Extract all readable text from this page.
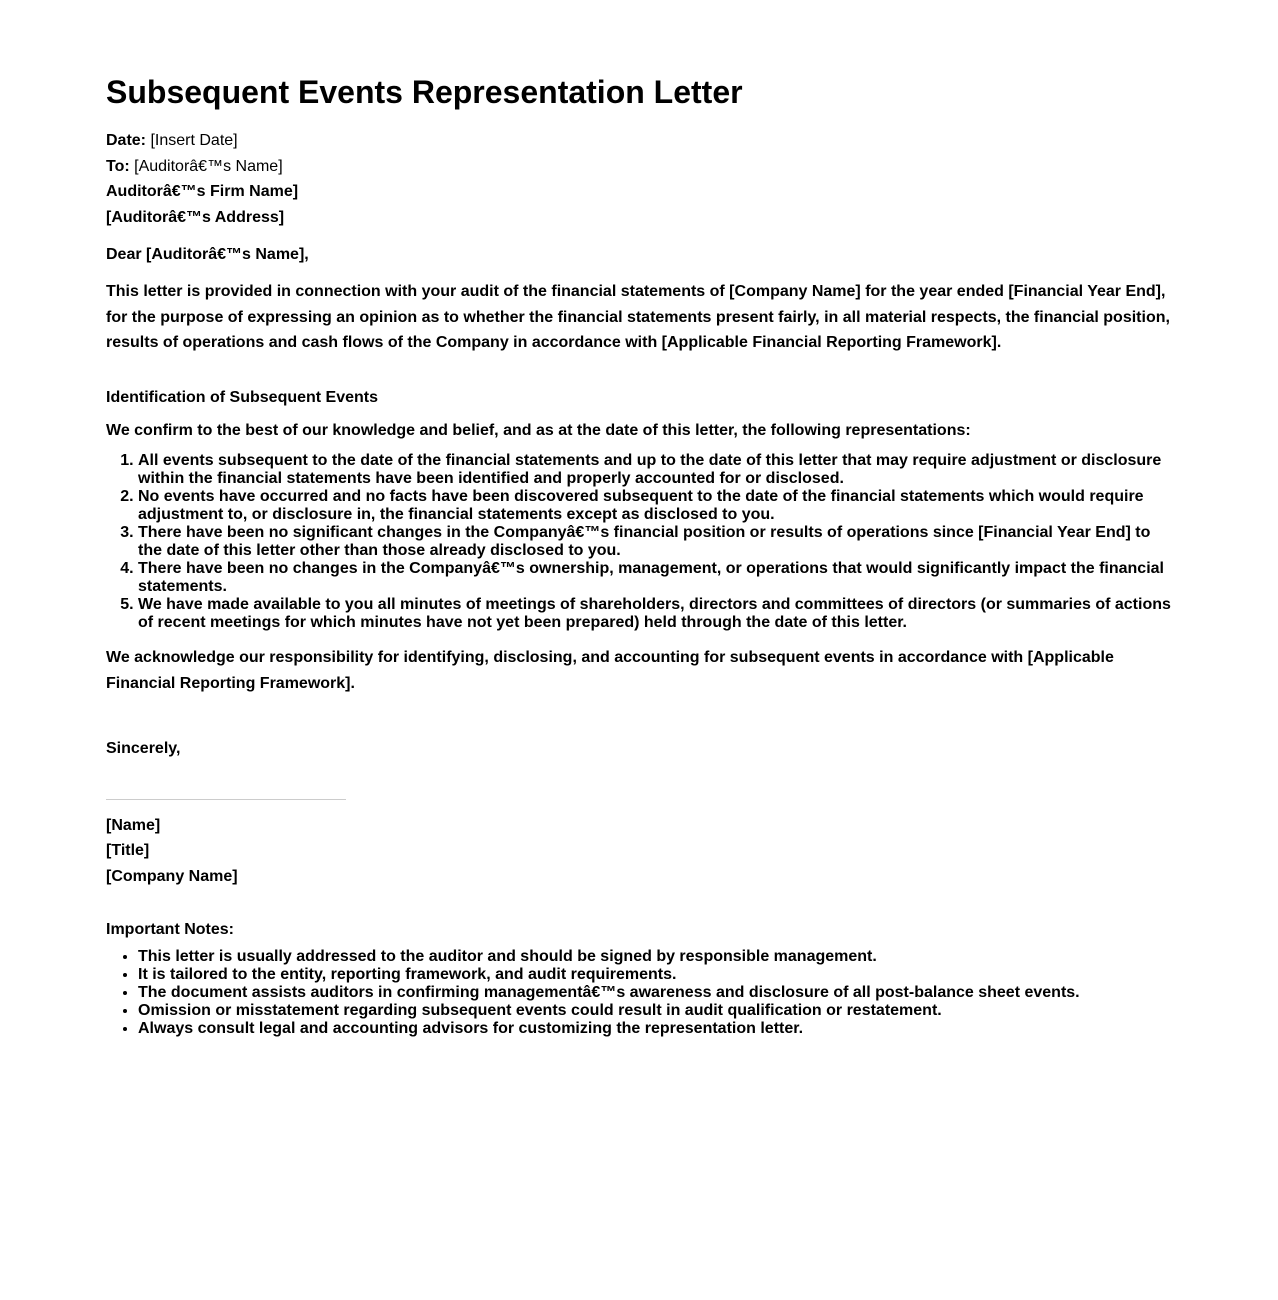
Subsequent Events Representation Letter

Date: [Insert Date]

To: [Auditorâ€™s Name]

Auditorâ€™s Firm Name]

[Auditorâ€™s Address]

Dear [Auditorâ€™s Name],

This letter is provided in connection with your audit of the financial statements of [Company Name] for the year ended [Financial Year End], for the purpose of expressing an opinion as to whether the financial statements present fairly, in all material respects, the financial position, results of operations and cash flows of the Company in accordance with [Applicable Financial Reporting Framework].

Identification of Subsequent Events

We confirm to the best of our knowledge and belief, and as at the date of this letter, the following representations:

1. All events subsequent to the date of the financial statements and up to the date of this letter that may require adjustment or disclosure within the financial statements have been identified and properly accounted for or disclosed.
2. No events have occurred and no facts have been discovered subsequent to the date of the financial statements which would require adjustment to, or disclosure in, the financial statements except as disclosed to you.
3. There have been no significant changes in the Companyâ€™s financial position or results of operations since [Financial Year End] to the date of this letter other than those already disclosed to you.
4. There have been no changes in the Companyâ€™s ownership, management, or operations that would significantly impact the financial statements.
5. We have made available to you all minutes of meetings of shareholders, directors and committees of directors (or summaries of actions of recent meetings for which minutes have not yet been prepared) held through the date of this letter.

We acknowledge our responsibility for identifying, disclosing, and accounting for subsequent events in accordance with [Applicable Financial Reporting Framework].

Sincerely,

[Name]
[Title]
[Company Name]

Important Notes:

• This letter is usually addressed to the auditor and should be signed by responsible management.
• It is tailored to the entity, reporting framework, and audit requirements.
• The document assists auditors in confirming managementâ€™s awareness and disclosure of all post-balance sheet events.
• Omission or misstatement regarding subsequent events could result in audit qualification or restatement.
• Always consult legal and accounting advisors for customizing the representation letter.
